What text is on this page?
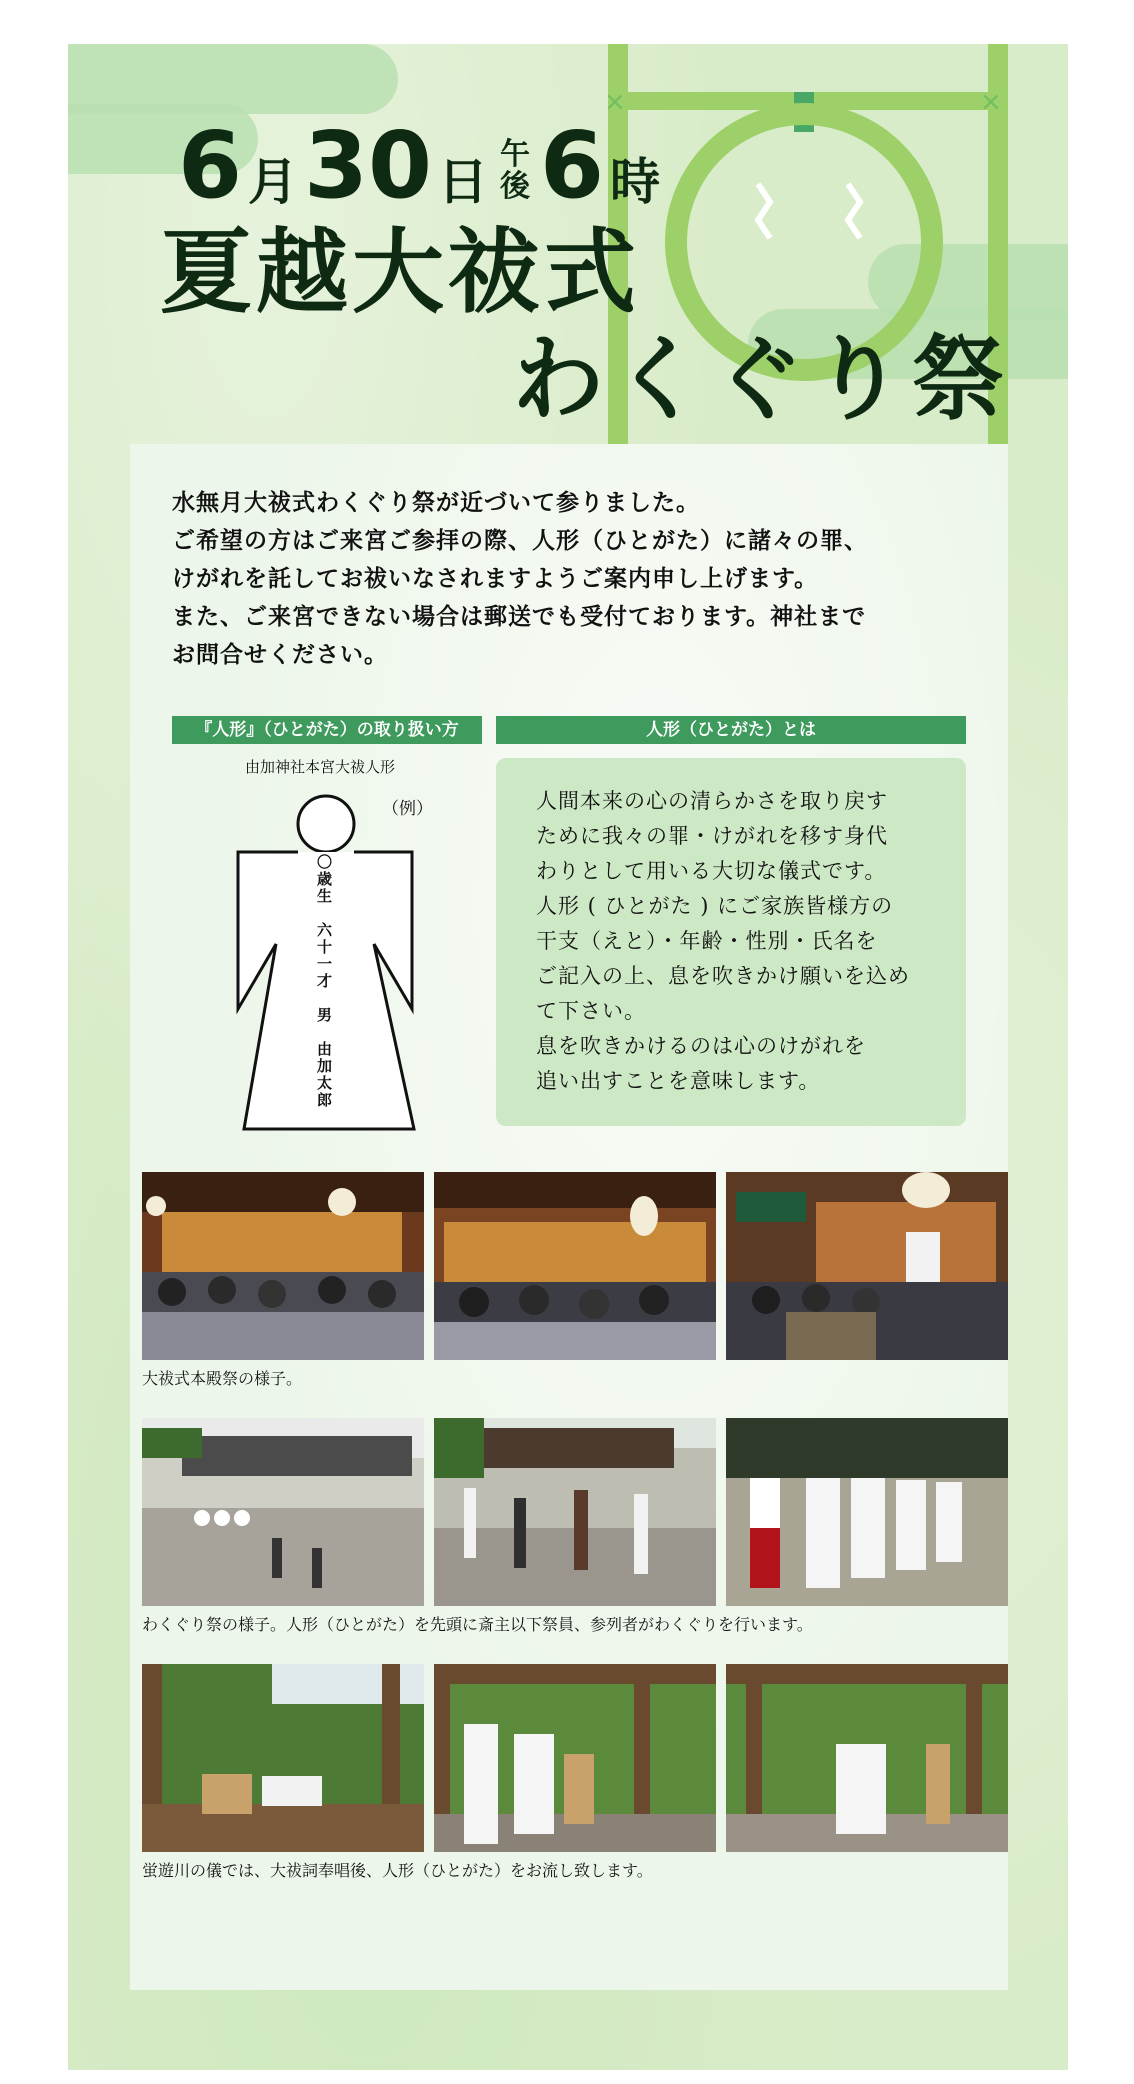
×	×
6 月 30 日 午
後 6 時
夏越大祓式
わくぐり祭

水無月大祓式わくぐり祭が近づいて参りました。

ご希望の方はご来宮ご参拝の際、人形（ひとがた）に諸々の罪、

けがれを託してお祓いなされますようご案内申し上げます。

また、ご来宮できない場合は郵送でも受付ております。神社まで

お問合せください。

『人形』（ひとがた）の取り扱い方	人形（ひとがた）とは
由加神社本宮大祓人形
（例）
〇歳生　六十一才　男　由加太郎

人間本来の心の清らかさを取り戻す

ために我々の罪・けがれを移す身代

わりとして用いる大切な儀式です。

人形 ( ひとがた ) にご家族皆様方の

干支（えと）・年齢・性別・氏名を

ご記入の上、息を吹きかけ願いを込め

て下さい。

息を吹きかけるのは心のけがれを

追い出すことを意味します。

大祓式本殿祭の様子。
わくぐり祭の様子。人形（ひとがた）を先頭に斎主以下祭員、参列者がわくぐりを行います。
蛍遊川の儀では、大祓詞奉唱後、人形（ひとがた）をお流し致します。
